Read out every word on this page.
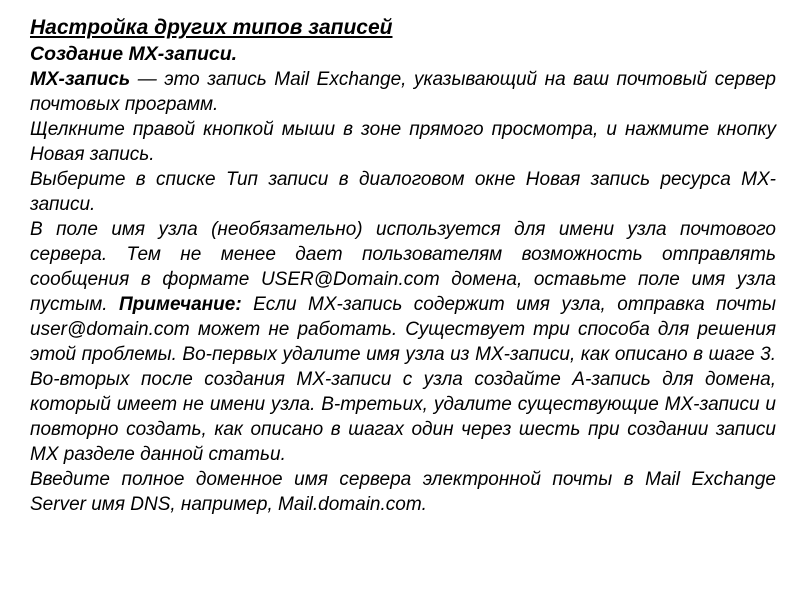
Настройка других типов записей
Создание MX-записи.

MX-запись — это запись Mail Exchange, указывающий на ваш почтовый сервер почтовых программ.

Щелкните правой кнопкой мыши в зоне прямого просмотра, и нажмите кнопку Новая запись.

Выберите в списке Тип записи в диалоговом окне Новая запись ресурса MX-записи.

В поле имя узла (необязательно) используется для имени узла почтового сервера. Тем не менее дает пользователям возможность отправлять сообщения в формате USER@Domain.com домена, оставьте поле имя узла пустым. Примечание: Если MX-запись содержит имя узла, отправка почты user@domain.com может не работать. Существует три способа для решения этой проблемы. Во-первых удалите имя узла из MX-записи, как описано в шаге 3. Во-вторых после создания MX-записи с узла создайте A-запись для домена, который имеет не имени узла. В-третьих, удалите существующие MX-записи и повторно создать, как описано в шагах один через шесть при создании записи MX разделе данной статьи.

Введите полное доменное имя сервера электронной почты в Mail Exchange Server имя DNS, например, Mail.domain.com.
